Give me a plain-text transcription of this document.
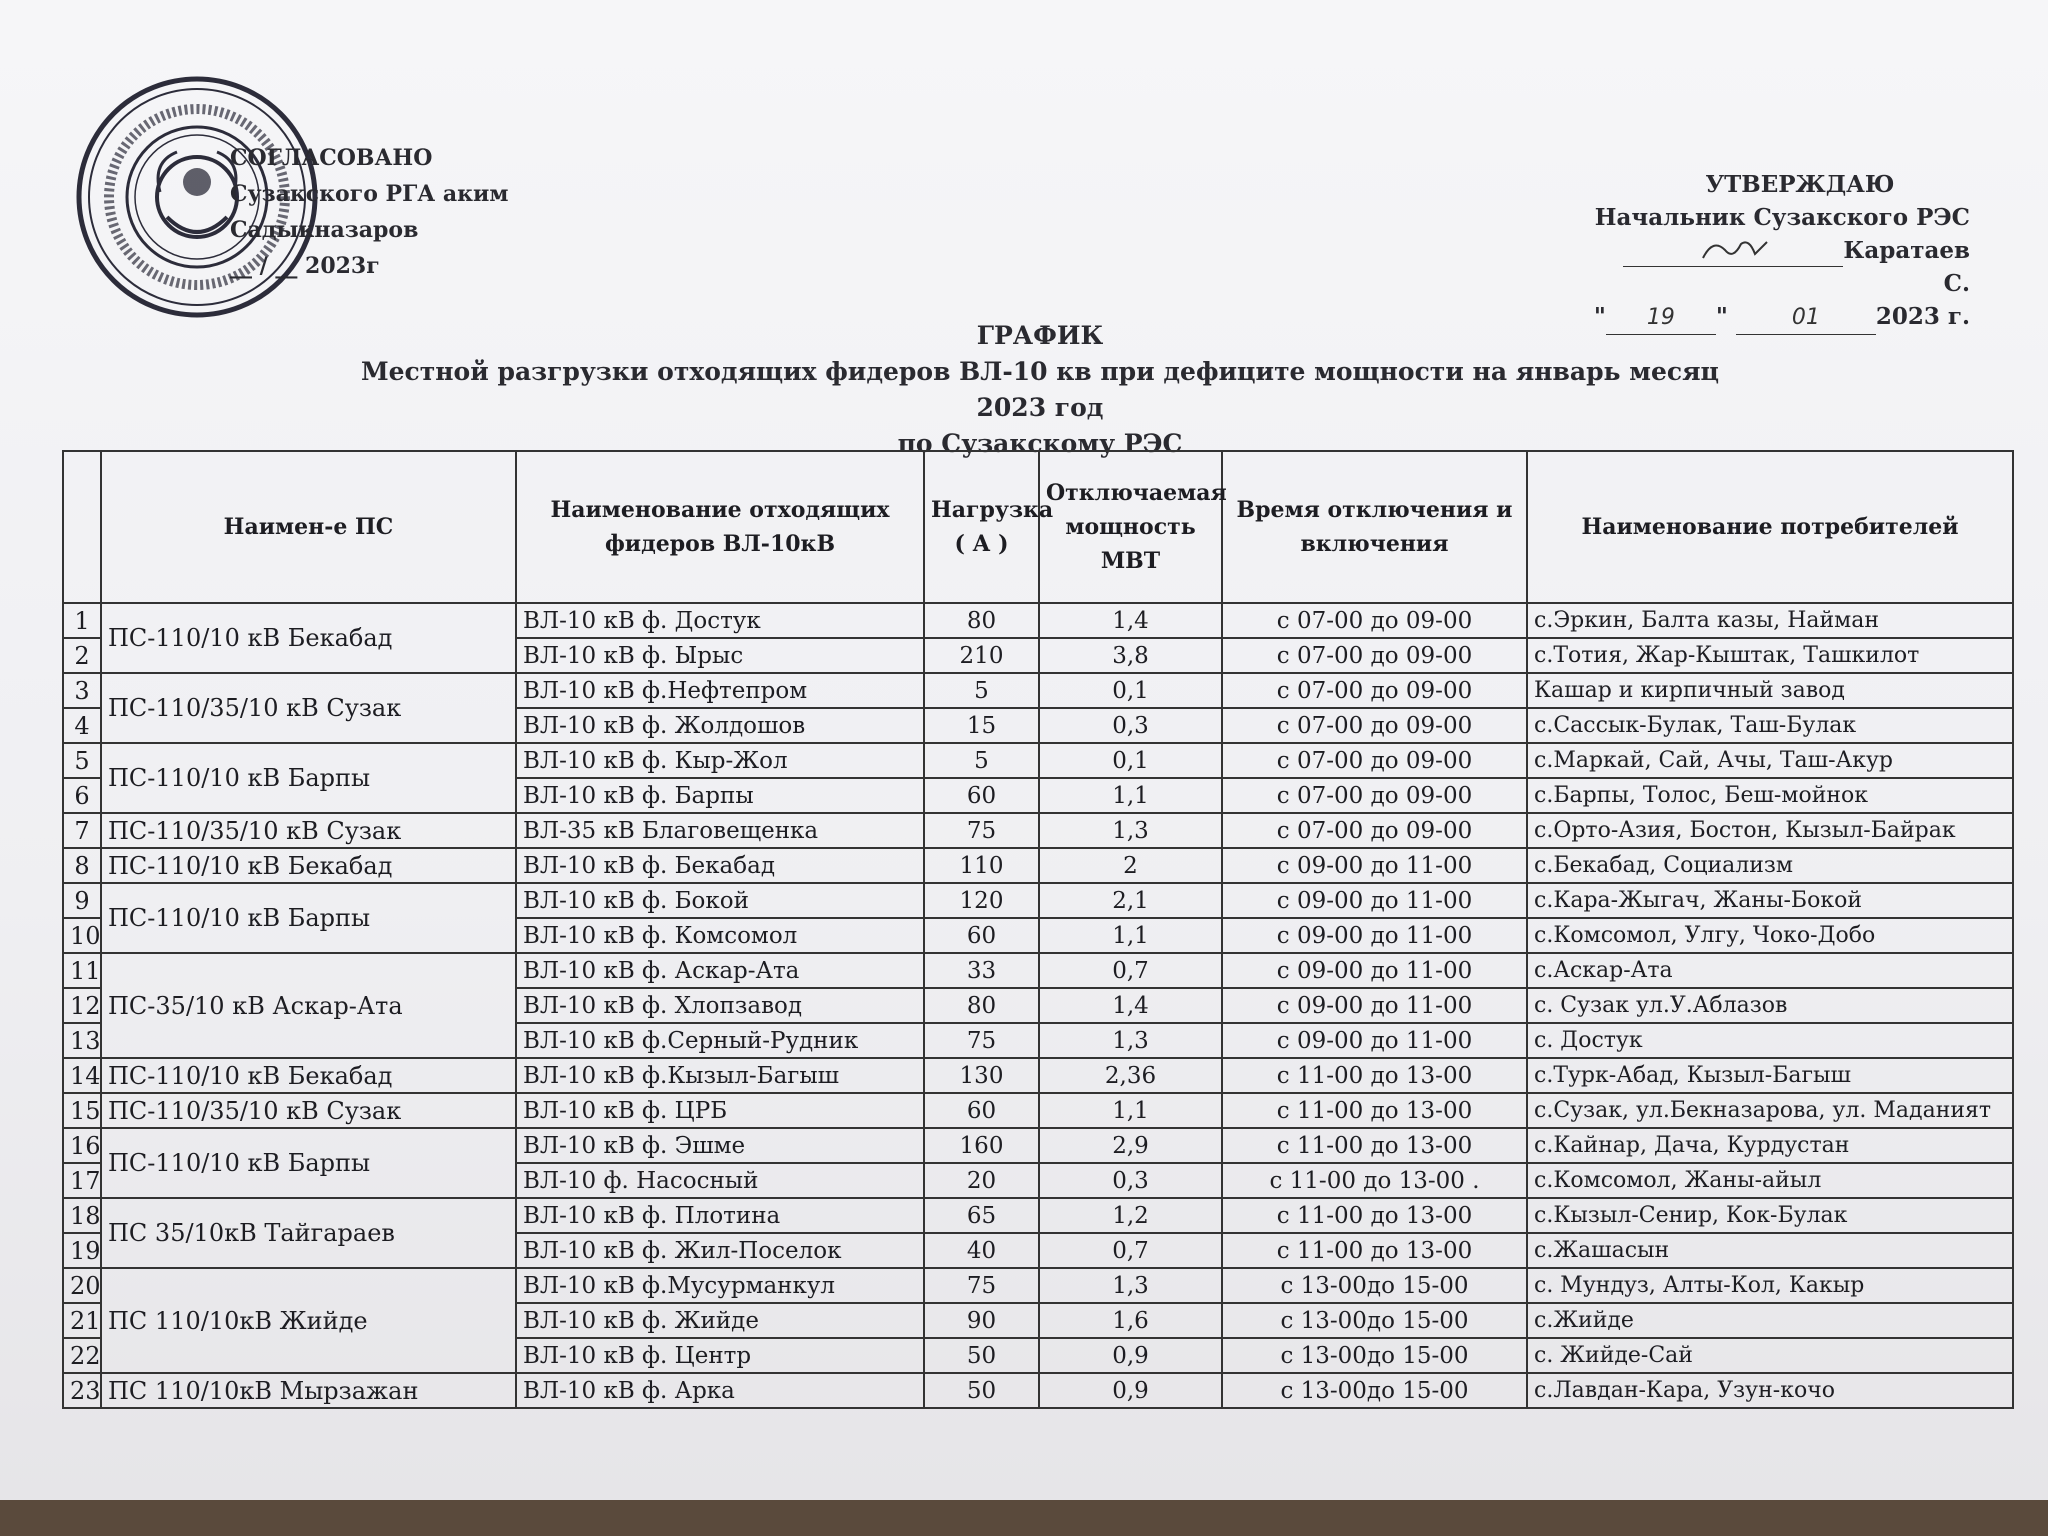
СОГЛАСОВАНО
Сузакского РГА аким
Садыкназаров
__ / __ 2023г
УТВЕРЖДАЮ
Начальник Сузакского РЭС
Каратаев С.
" 19 "	01 2023 г.
ГРАФИК
Местной разгрузки отходящих фидеров ВЛ-10 кв при дефиците мощности на январь месяц 2023 год
по Сузакскому РЭС
	Наимен-е ПС	Наименование отходящих фидеров ВЛ-10кВ	Нагрузка ( А )	Отключаемая мощность МВТ	Время отключения и включения	Наименование потребителей
1	ПС-110/10 кВ Бекабад	ВЛ-10 кВ ф. Достук	80	1,4	с 07-00 до 09-00	с.Эркин, Балта казы, Найман
2		ВЛ-10 кВ ф. Ырыс	210	3,8	с 07-00 до 09-00	с.Тотия, Жар-Кыштак, Ташкилот
3	ПС-110/35/10 кВ Сузак	ВЛ-10 кВ ф.Нефтепром	5	0,1	с 07-00 до 09-00	Кашар и кирпичный завод
4		ВЛ-10 кВ ф. Жолдошов	15	0,3	с 07-00 до 09-00	с.Сассык-Булак, Таш-Булак
5	ПС-110/10 кВ Барпы	ВЛ-10 кВ ф. Кыр-Жол	5	0,1	с 07-00 до 09-00	с.Маркай, Сай, Ачы, Таш-Акур
6		ВЛ-10 кВ ф. Барпы	60	1,1	с 07-00 до 09-00	с.Барпы, Толос, Беш-мойнок
7	ПС-110/35/10 кВ Сузак	ВЛ-35 кВ Благовещенка	75	1,3	с 07-00 до 09-00	с.Орто-Азия, Бостон, Кызыл-Байрак
8	ПС-110/10 кВ Бекабад	ВЛ-10 кВ ф. Бекабад	110	2	с 09-00 до 11-00	с.Бекабад, Социализм
9	ПС-110/10 кВ Барпы	ВЛ-10 кВ ф. Бокой	120	2,1	с 09-00 до 11-00	с.Кара-Жыгач, Жаны-Бокой
10		ВЛ-10 кВ ф. Комсомол	60	1,1	с 09-00 до 11-00	с.Комсомол, Улгу, Чоко-Добо
11	ПС-35/10 кВ Аскар-Ата	ВЛ-10 кВ ф. Аскар-Ата	33	0,7	с 09-00 до 11-00	с.Аскар-Ата
12		ВЛ-10 кВ ф. Хлопзавод	80	1,4	с 09-00 до 11-00	с. Сузак ул.У.Аблазов
13		ВЛ-10 кВ ф.Серный-Рудник	75	1,3	с 09-00 до 11-00	с. Достук
14	ПС-110/10 кВ Бекабад	ВЛ-10 кВ ф.Кызыл-Багыш	130	2,36	с 11-00 до 13-00	с.Турк-Абад, Кызыл-Багыш
15	ПС-110/35/10 кВ Сузак	ВЛ-10 кВ ф. ЦРБ	60	1,1	с 11-00 до 13-00	с.Сузак, ул.Бекназарова, ул. Маданият
16	ПС-110/10 кВ Барпы	ВЛ-10 кВ ф. Эшме	160	2,9	с 11-00 до 13-00	с.Кайнар, Дача, Курдустан
17		ВЛ-10 ф. Насосный	20	0,3	с 11-00 до 13-00 .	с.Комсомол, Жаны-айыл
18	ПС 35/10кВ Тайгараев	ВЛ-10 кВ ф. Плотина	65	1,2	с 11-00 до 13-00	с.Кызыл-Сенир, Кок-Булак
19		ВЛ-10 кВ ф. Жил-Поселок	40	0,7	с 11-00 до 13-00	с.Жашасын
20	ПС 110/10кВ Жийде	ВЛ-10 кВ ф.Мусурманкул	75	1,3	с 13-00до 15-00	с. Мундуз, Алты-Кол, Какыр
21		ВЛ-10 кВ ф. Жийде	90	1,6	с 13-00до 15-00	с.Жийде
22		ВЛ-10 кВ ф. Центр	50	0,9	с 13-00до 15-00	с. Жийде-Сай
23	ПС 110/10кВ Мырзажан	ВЛ-10 кВ ф. Арка	50	0,9	с 13-00до 15-00	с.Лавдан-Кара, Узун-кочо
